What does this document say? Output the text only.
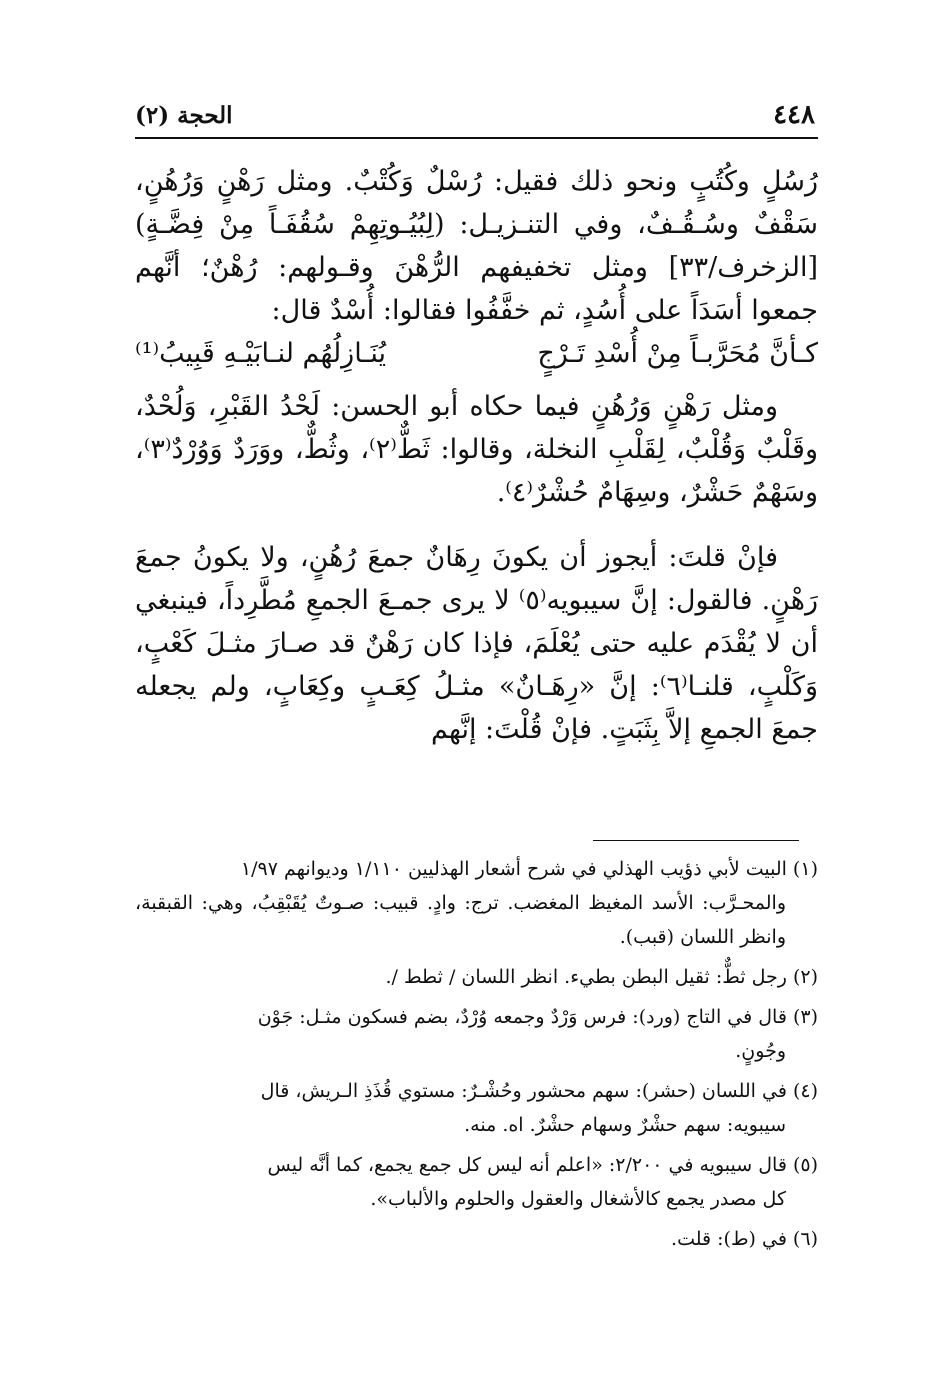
٤٤٨
الحجة (٢)

رُسُلٍ وكُتُبٍ ونحو ذلك فقيل: رُسْلٌ وَكُتْبٌ. ومثل رَهْنٍ وَرُهُنٍ، سَقْفٌ وسُـقُـفٌ، وفي التنـزيـل: (لِبُيُـوتِهِمْ سُقُفَـاً مِنْ فِضَّـةٍ) [الزخرف/٣٣] ومثل تخفيفهم الرُّهْنَ وقـولهم: رُهْنٌ؛ أنَّهم جمعوا أسَدَاً على أُسُدٍ، ثم خفَّفُوا فقالوا: أُسْدٌ قال:

كـأنَّ مُحَرَّبـاً مِنْ أُسْدِ تَـرْجٍ
يُنَـازِلُهُم لنـابَيْـهِ قَبِيبُ⁽¹⁾

ومثل رَهْنٍ وَرُهُنٍ فيما حكاه أبو الحسن: لَحْدُ القَبْرِ، وَلُحْدٌ، وقَلْبٌ وَقُلْبٌ، لِقَلْبِ النخلة، وقالوا: ثَطٌّ⁽٢⁾، وثُطٌّ، ووَرَدٌ وَوُرْدٌ⁽٣⁾، وسَهْمٌ حَشْرٌ، وسِهَامٌ حُشْرٌ⁽٤⁾.

فإنْ قلتَ: أيجوز أن يكونَ رِهَانٌ جمعَ رُهُنٍ، ولا يكونُ جمعَ رَهْنٍ. فالقول: إنَّ سيبويه⁽٥⁾ لا يرى جمـعَ الجمعِ مُطَّرِداً، فينبغي أن لا يُقْدَم عليه حتى يُعْلَمَ، فإذا كان رَهْنٌ قد صـارَ مثـلَ كَعْبٍ، وَكَلْبٍ، قلنـا⁽٦⁾: إنَّ «رِهَـانٌ» مثـلُ كِعَـبٍ وكِعَابٍ، ولم يجعله جمعَ الجمعِ إلاَّ بِثَبَتٍ. فإنْ قُلْتَ: إنَّهم

(١) البيت لأبي ذؤيب الهذلي في شرح أشعار الهذليين ١/١١٠ وديوانهم ١/٩٧
والمحـرَّب: الأسد المغيظ المغضب. ترج: وادٍ. قبيب: صـوتٌ يُقَبْقِبُ، وهي: القبقبة، وانظر اللسان (قبب).
(٢) رجل ثطٌّ: ثقيل البطن بطيء. انظر اللسان / ثطط /.
(٣) قال في التاج (ورد): فرس وَرْدٌ وجمعه وُرْدٌ، بضم فسكون مثـل: جَوْن
وجُونٍ.
(٤) في اللسان (حشر): سهم محشور وحُشْـرٌ: مستوي قُذَذِ الـريش، قال
سيبويه: سهم حشْرٌ وسهام حشْرٌ. اه. منه.
(٥) قال سيبويه في ٢/٢٠٠: «اعلم أنه ليس كل جمع يجمع، كما أنَّه ليس
كل مصدر يجمع كالأشغال والعقول والحلوم والألباب».
(٦) في (ط): قلت.
